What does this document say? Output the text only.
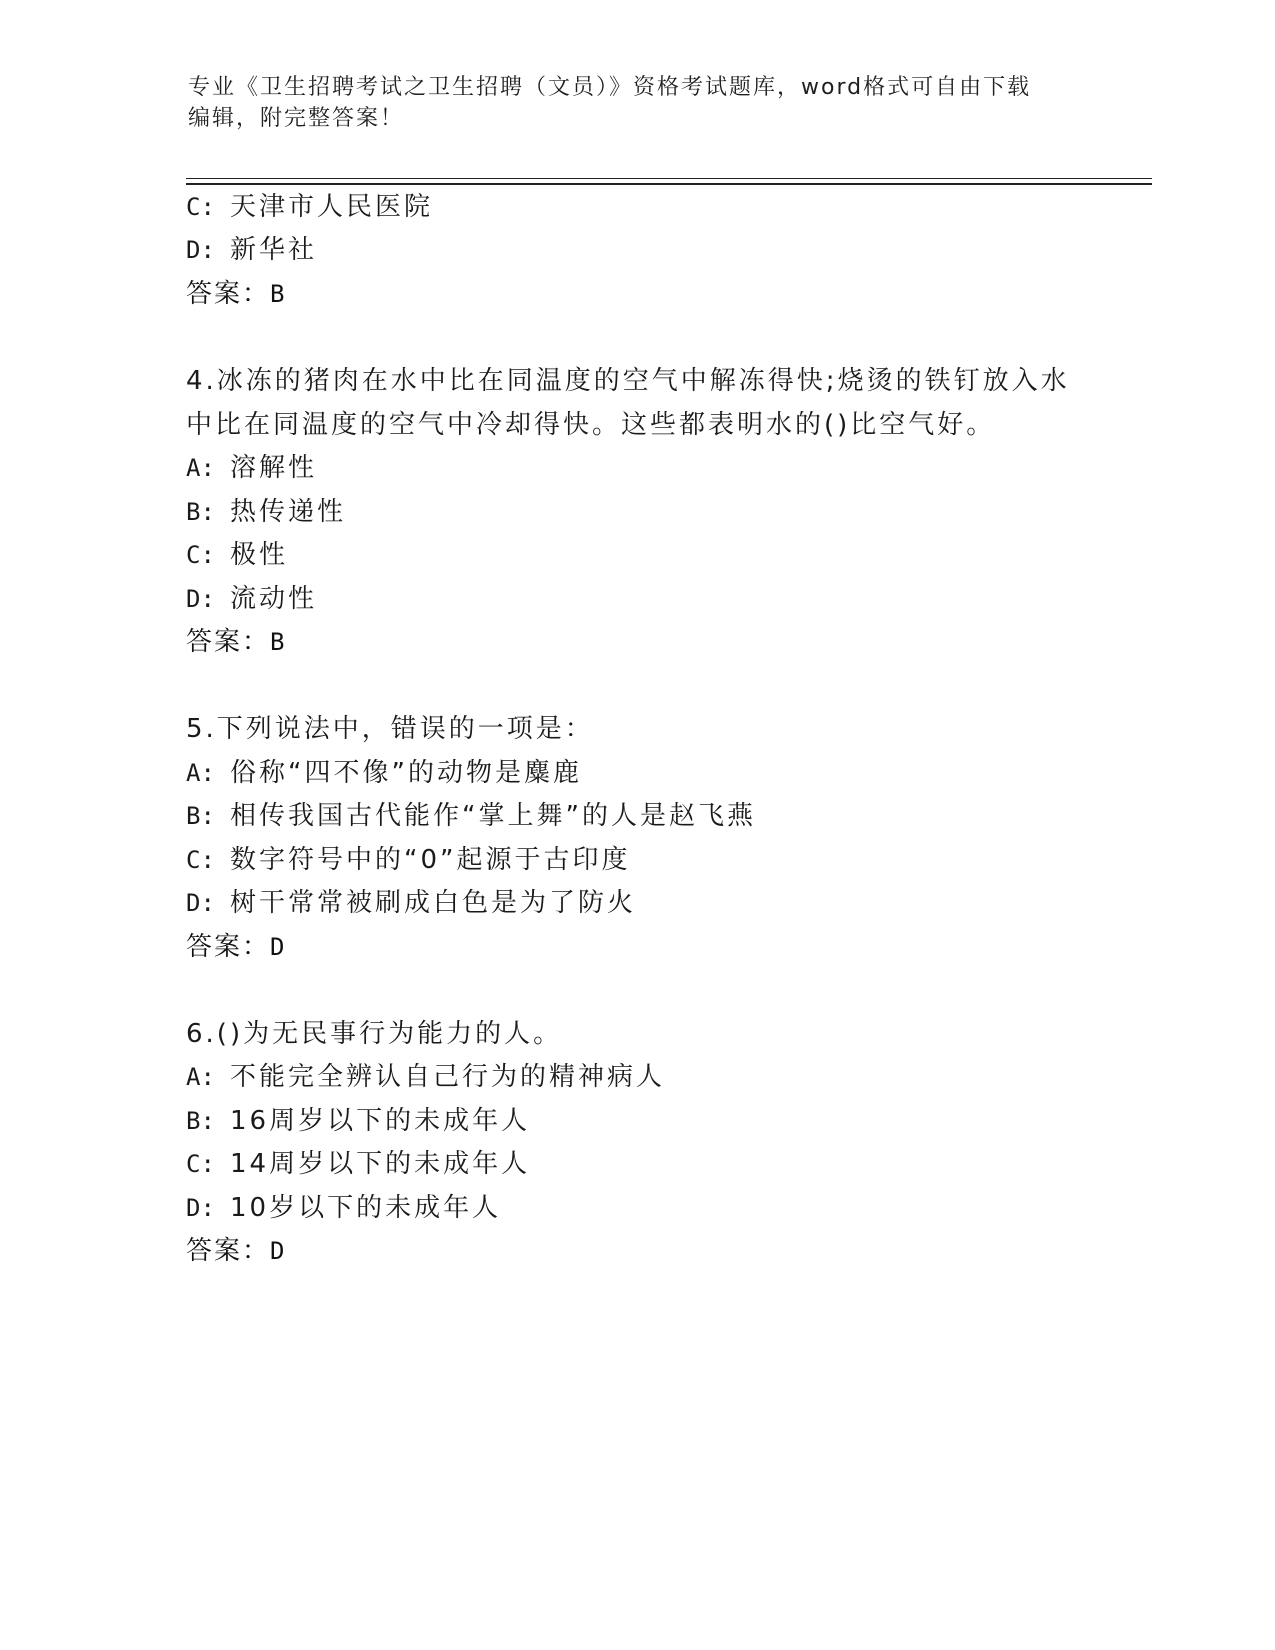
专业《卫生招聘考试之卫生招聘（文员）》资格考试题库，word格式可自由下载
编辑，附完整答案！
C: 天津市人民医院
D: 新华社
答案：B
4.冰冻的猪肉在水中比在同温度的空气中解冻得快;烧烫的铁钉放入水
中比在同温度的空气中冷却得快。这些都表明水的()比空气好。
A: 溶解性
B: 热传递性
C: 极性
D: 流动性
答案：B
5.下列说法中，错误的一项是：
A: 俗称“四不像”的动物是麋鹿
B: 相传我国古代能作“掌上舞”的人是赵飞燕
C: 数字符号中的“0”起源于古印度
D: 树干常常被刷成白色是为了防火
答案：D
6.()为无民事行为能力的人。
A: 不能完全辨认自己行为的精神病人
B: 16周岁以下的未成年人
C: 14周岁以下的未成年人
D: 10岁以下的未成年人
答案：D
